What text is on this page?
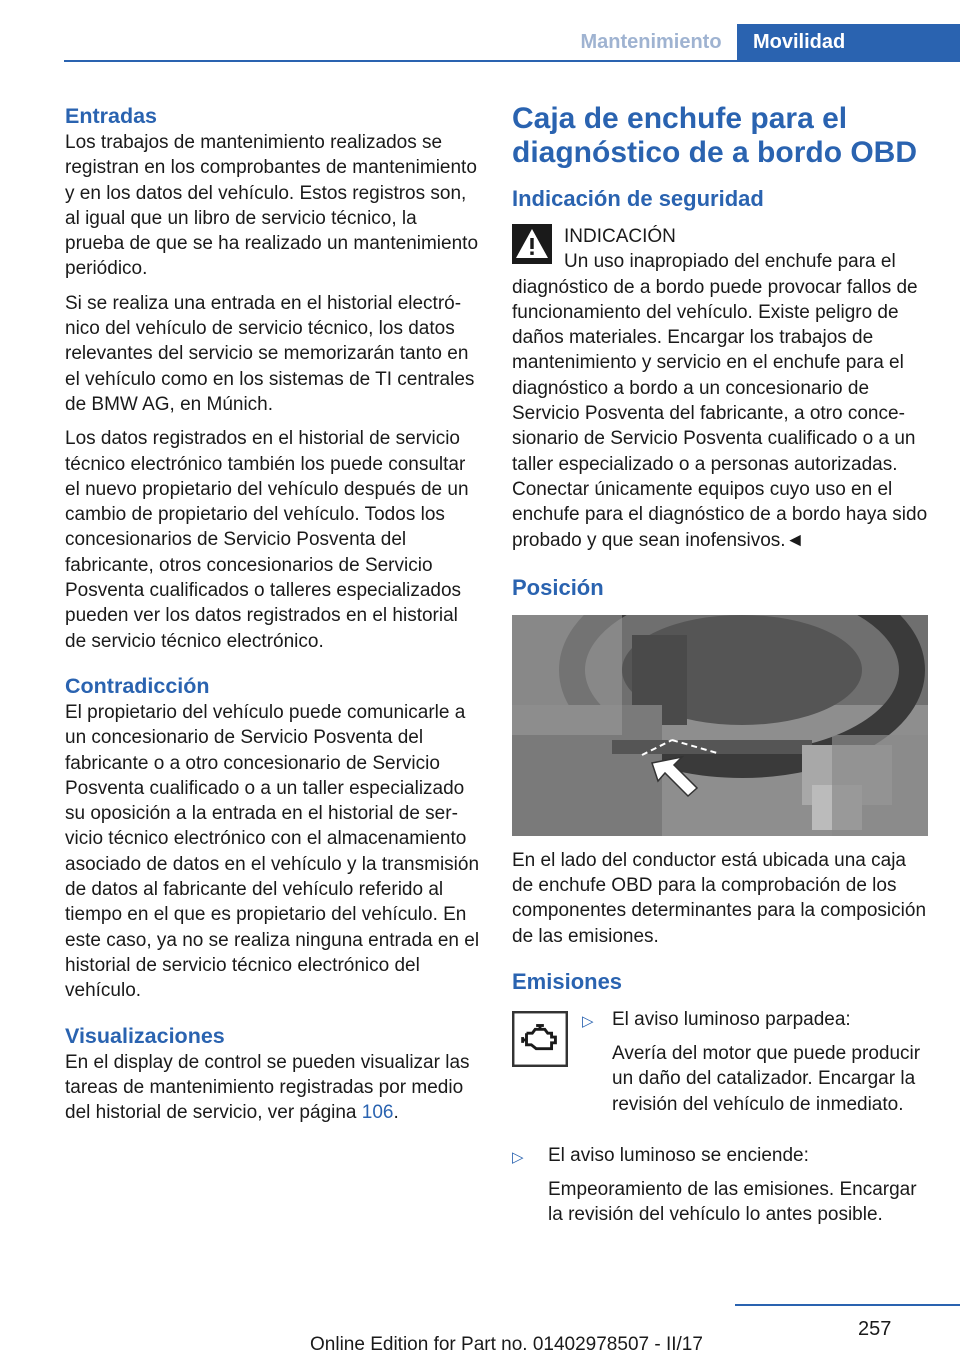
Mantenimiento	Movilidad
Entradas

Los trabajos de mantenimiento realizados se registran en los comprobantes de mantenimiento y en los datos del vehículo. Estos registros son, al igual que un libro de servicio técnico, la prueba de que se ha realizado un mantenimiento periódico.

Si se realiza una entrada en el historial electrónico del vehículo de servicio técnico, los datos relevantes del servicio se memorizarán tanto en el vehículo como en los sistemas de TI centrales de BMW AG, en Múnich.

Los datos registrados en el historial de servicio técnico electrónico también los puede consultar el nuevo propietario del vehículo después de un cambio de propietario del vehículo. Todos los concesionarios de Servicio Posventa del fabricante, otros concesionarios de Servicio Posventa cualificados o talleres especializados pueden ver los datos registrados en el historial de servicio técnico electrónico.

Contradicción

El propietario del vehículo puede comunicarle a un concesionario de Servicio Posventa del fabricante o a otro concesionario de Servicio Posventa cualificado o a un taller especializado su oposición a la entrada en el historial de servicio técnico electrónico con el almacenamiento asociado de datos en el vehículo y la transmisión de datos al fabricante del vehículo referido al tiempo en el que es propietario del vehículo. En este caso, ya no se realiza ninguna entrada en el historial de servicio técnico electrónico del vehículo.

Visualizaciones

En el display de control se pueden visualizar las tareas de mantenimiento registradas por medio del historial de servicio, ver página 106.

Caja de enchufe para el diagnóstico de a bordo OBD
Indicación de seguridad
INDICACIÓN
Un uso inapropiado del enchufe para el

diagnóstico de a bordo puede provocar fallos de funcionamiento del vehículo. Existe peligro de daños materiales. Encargar los trabajos de mantenimiento y servicio en el enchufe para el diagnóstico a bordo a un concesionario de Servicio Posventa del fabricante, a otro concesionario de Servicio Posventa cualificado o a un taller especializado o a personas autorizadas. Conectar únicamente equipos cuyo uso en el enchufe para el diagnóstico de a bordo haya sido probado y que sean inofensivos.◄

Posición

En el lado del conductor está ubicada una caja de enchufe OBD para la comprobación de los componentes determinantes para la composición de las emisiones.

Emisiones
▷ El aviso luminoso parpadea:
Avería del motor que puede producir un daño del catalizador. Encargar la revisión del vehículo de inmediato.
▷ El aviso luminoso se enciende:
Empeoramiento de las emisiones. Encargar la revisión del vehículo lo antes posible.
257
Online Edition for Part no. 01402978507 - II/17
